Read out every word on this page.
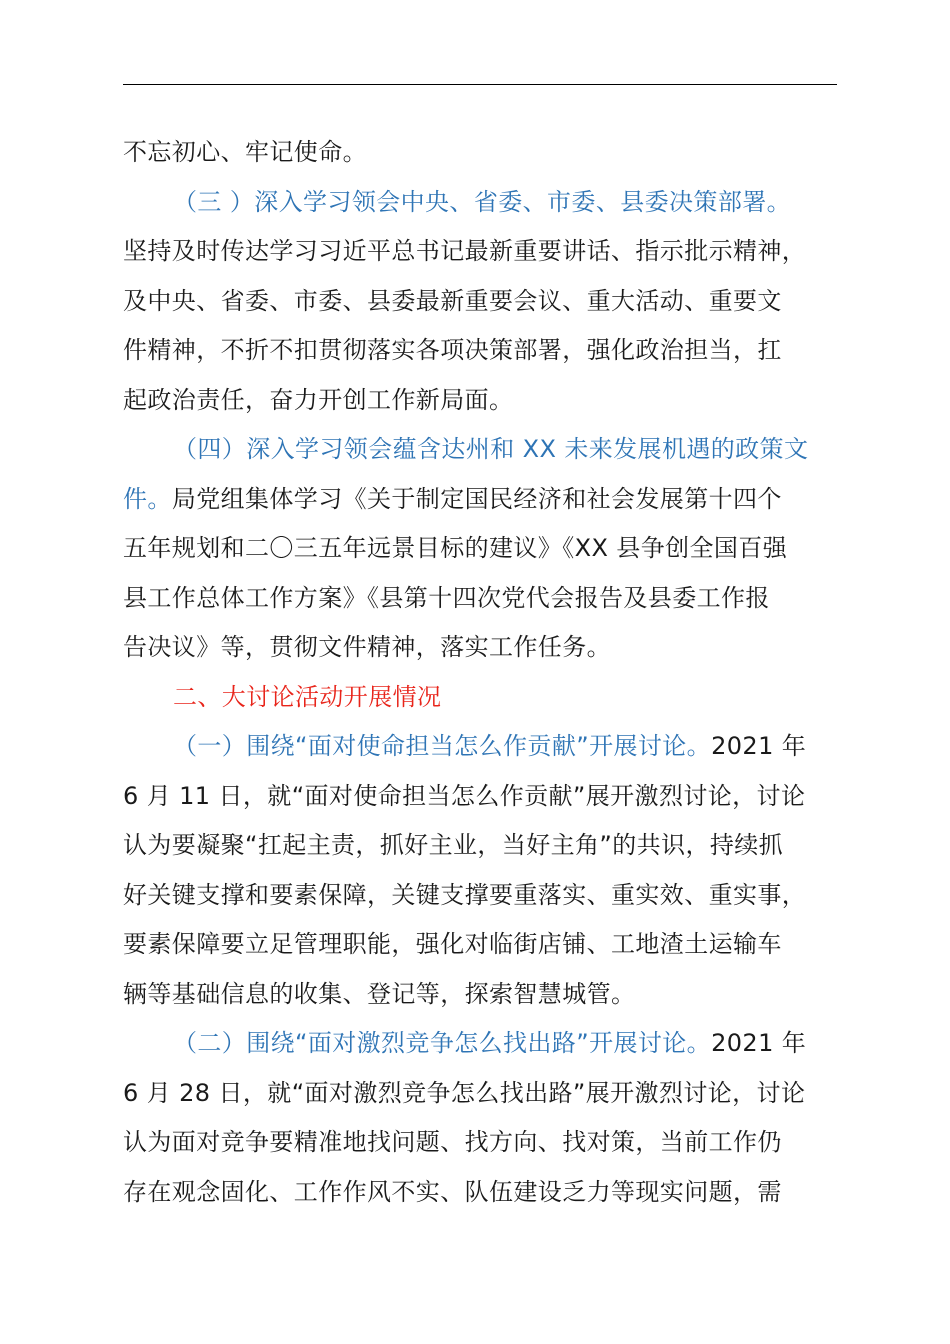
不忘初心、牢记使命。
（三 ）深入学习领会中央、省委、市委、县委决策部署。
坚持及时传达学习习近平总书记最新重要讲话、指示批示精神，
及中央、省委、市委、县委最新重要会议、重大活动、重要文
件精神，不折不扣贯彻落实各项决策部署，强化政治担当，扛
起政治责任，奋力开创工作新局面。
（四）深入学习领会蕴含达州和 XX 未来发展机遇的政策文
件。局党组集体学习《关于制定国民经济和社会发展第十四个
五年规划和二〇三五年远景目标的建议》《XX 县争创全国百强
县工作总体工作方案》《县第十四次党代会报告及县委工作报
告决议》等，贯彻文件精神，落实工作任务。
二、大讨论活动开展情况
（一）围绕“面对使命担当怎么作贡献”开展讨论。2021 年
6 月 11 日，就“面对使命担当怎么作贡献”展开激烈讨论，讨论
认为要凝聚“扛起主责，抓好主业，当好主角”的共识，持续抓
好关键支撑和要素保障，关键支撑要重落实、重实效、重实事，
要素保障要立足管理职能，强化对临街店铺、工地渣土运输车
辆等基础信息的收集、登记等，探索智慧城管。
（二）围绕“面对激烈竞争怎么找出路”开展讨论。2021 年
6 月 28 日，就“面对激烈竞争怎么找出路”展开激烈讨论，讨论
认为面对竞争要精准地找问题、找方向、找对策，当前工作仍
存在观念固化、工作作风不实、队伍建设乏力等现实问题，需
